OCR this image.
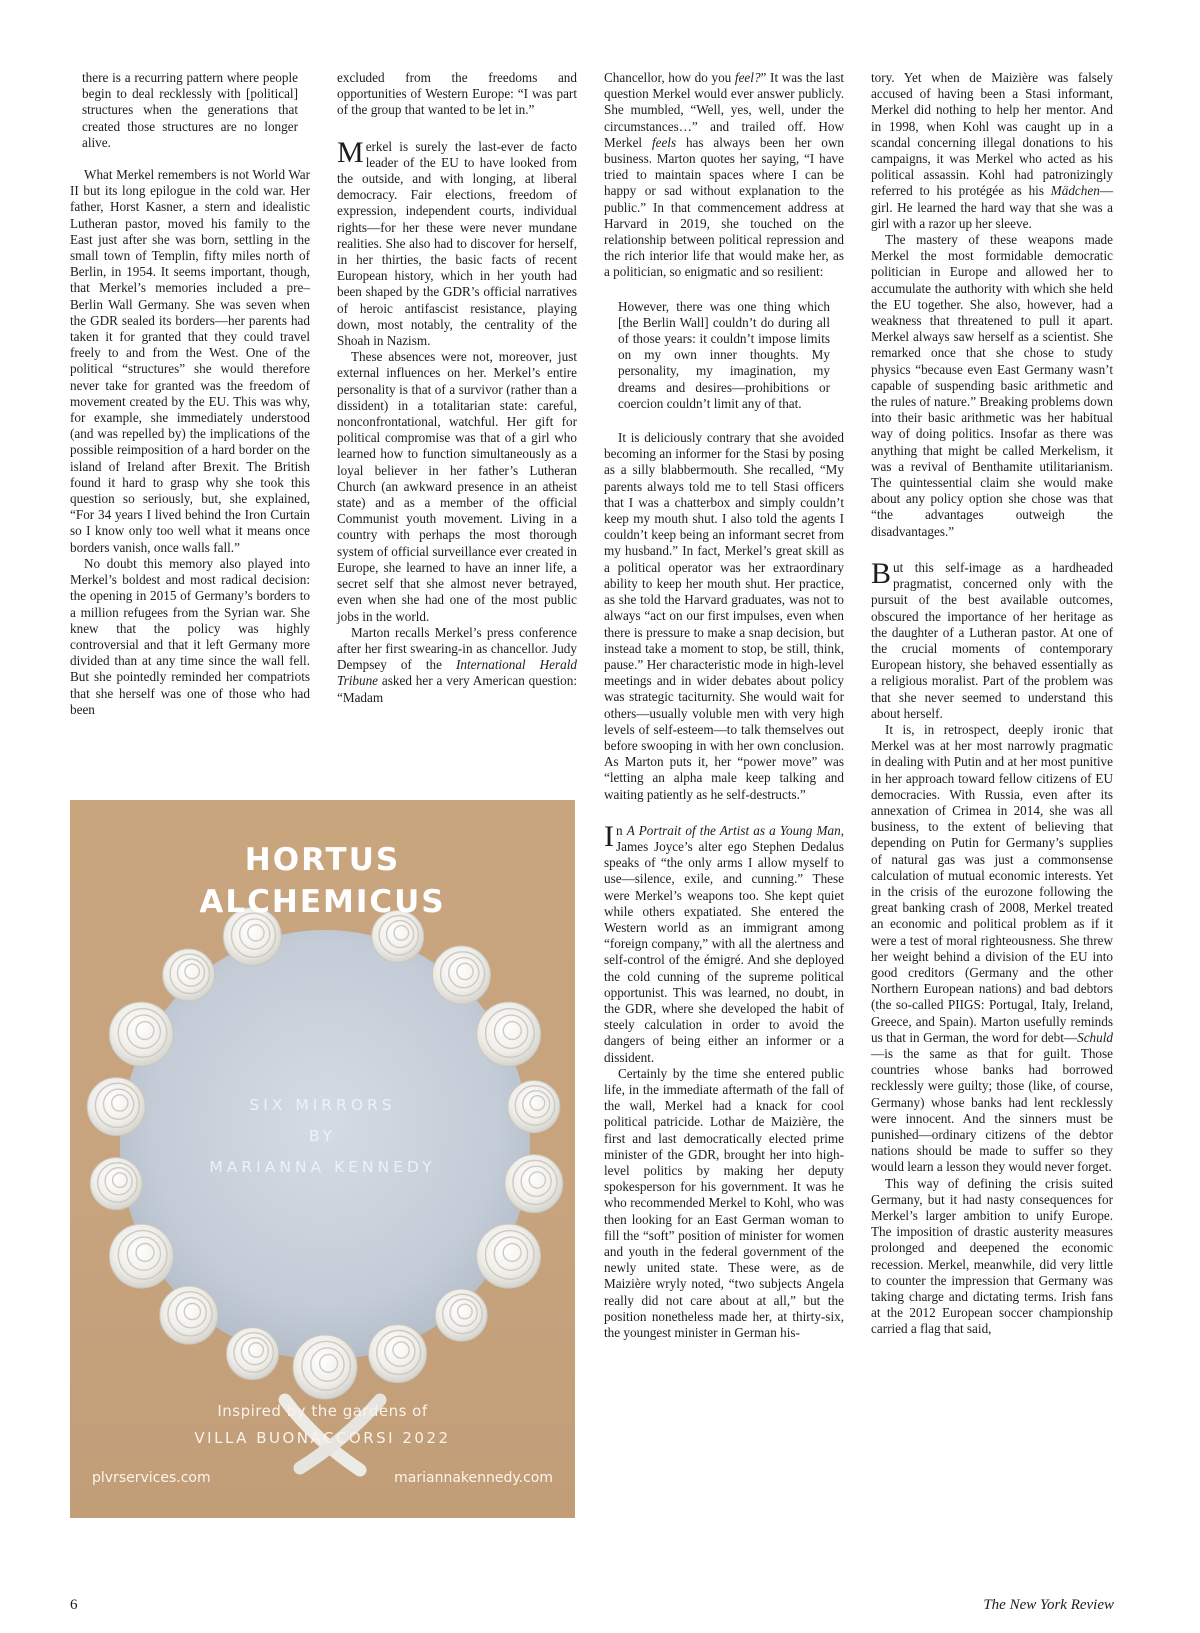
there is a recurring pattern where people begin to deal recklessly with [political] structures when the generations that created those structures are no longer alive.

What Merkel remembers is not World War II but its long epilogue in the cold war. Her father, Horst Kasner, a stern and idealistic Lutheran pastor, moved his family to the East just after she was born, settling in the small town of Templin, fifty miles north of Berlin, in 1954. It seems important, though, that Merkel’s memories included a pre–Berlin Wall Germany. She was seven when the GDR sealed its borders—her parents had taken it for granted that they could travel freely to and from the West. One of the political “structures” she would therefore never take for granted was the freedom of movement created by the EU. This was why, for example, she immediately understood (and was repelled by) the implications of the possible reimposition of a hard border on the island of Ireland after Brexit. The British found it hard to grasp why she took this question so seriously, but, she explained, “For 34 years I lived behind the Iron Curtain so I know only too well what it means once borders vanish, once walls fall.”

No doubt this memory also played into Merkel’s boldest and most radical decision: the opening in 2015 of Germany’s borders to a million refugees from the Syrian war. She knew that the policy was highly controversial and that it left Germany more divided than at any time since the wall fell. But she pointedly reminded her compatriots that she herself was one of those who had been

excluded from the freedoms and opportunities of Western Europe: “I was part of the group that wanted to be let in.”

Merkel is surely the last-ever de facto leader of the EU to have looked from the outside, and with longing, at liberal democracy. Fair elections, freedom of expression, independent courts, individual rights—for her these were never mundane realities. She also had to discover for herself, in her thirties, the basic facts of recent European history, which in her youth had been shaped by the GDR’s official narratives of heroic antifascist resistance, playing down, most notably, the centrality of the Shoah in Nazism.

These absences were not, moreover, just external influences on her. Merkel’s entire personality is that of a survivor (rather than a dissident) in a totalitarian state: careful, nonconfrontational, watchful. Her gift for political compromise was that of a girl who learned how to function simultaneously as a loyal believer in her father’s Lutheran Church (an awkward presence in an atheist state) and as a member of the official Communist youth movement. Living in a country with perhaps the most thorough system of official surveillance ever created in Europe, she learned to have an inner life, a secret self that she almost never betrayed, even when she had one of the most public jobs in the world.

Marton recalls Merkel’s press conference after her first swearing-in as chancellor. Judy Dempsey of the International Herald Tribune asked her a very American question: “Madam

Chancellor, how do you feel?” It was the last question Merkel would ever answer publicly. She mumbled, “Well, yes, well, under the circumstances…” and trailed off. How Merkel feels has always been her own business. Marton quotes her saying, “I have tried to maintain spaces where I can be happy or sad without explanation to the public.” In that commencement address at Harvard in 2019, she touched on the relationship between political repression and the rich interior life that would make her, as a politician, so enigmatic and so resilient:

However, there was one thing which [the Berlin Wall] couldn’t do during all of those years: it couldn’t impose limits on my own inner thoughts. My personality, my imagination, my dreams and desires—prohibitions or coercion couldn’t limit any of that.

It is deliciously contrary that she avoided becoming an informer for the Stasi by posing as a silly blabbermouth. She recalled, “My parents always told me to tell Stasi officers that I was a chatterbox and simply couldn’t keep my mouth shut. I also told the agents I couldn’t keep being an informant secret from my husband.” In fact, Merkel’s great skill as a political operator was her extraordinary ability to keep her mouth shut. Her practice, as she told the Harvard graduates, was not to always “act on our first impulses, even when there is pressure to make a snap decision, but instead take a moment to stop, be still, think, pause.” Her characteristic mode in high-level meetings and in wider debates about policy was strategic taciturnity. She would wait for others—usually voluble men with very high levels of self-esteem—to talk themselves out before swooping in with her own conclusion. As Marton puts it, her “power move” was “letting an alpha male keep talking and waiting patiently as he self-destructs.”

In A Portrait of the Artist as a Young Man, James Joyce’s alter ego Stephen Dedalus speaks of “the only arms I allow myself to use—silence, exile, and cunning.” These were Merkel’s weapons too. She kept quiet while others expatiated. She entered the Western world as an immigrant among “foreign company,” with all the alertness and self-control of the émigré. And she deployed the cold cunning of the supreme political opportunist. This was learned, no doubt, in the GDR, where she developed the habit of steely calculation in order to avoid the dangers of being either an informer or a dissident.

Certainly by the time she entered public life, in the immediate aftermath of the fall of the wall, Merkel had a knack for cool political patricide. Lothar de Maizière, the first and last democratically elected prime minister of the GDR, brought her into high-level politics by making her deputy spokesperson for his government. It was he who recommended Merkel to Kohl, who was then looking for an East German woman to fill the “soft” position of minister for women and youth in the federal government of the newly united state. These were, as de Maizière wryly noted, “two subjects Angela really did not care about at all,” but the position nonetheless made her, at thirty-six, the youngest minister in German his-

tory. Yet when de Maizière was falsely accused of having been a Stasi informant, Merkel did nothing to help her mentor. And in 1998, when Kohl was caught up in a scandal concerning illegal donations to his campaigns, it was Merkel who acted as his political assassin. Kohl had patronizingly referred to his protégée as his Mädchen—girl. He learned the hard way that she was a girl with a razor up her sleeve.

The mastery of these weapons made Merkel the most formidable democratic politician in Europe and allowed her to accumulate the authority with which she held the EU together. She also, however, had a weakness that threatened to pull it apart. Merkel always saw herself as a scientist. She remarked once that she chose to study physics “because even East Germany wasn’t capable of suspending basic arithmetic and the rules of nature.” Breaking problems down into their basic arithmetic was her habitual way of doing politics. Insofar as there was anything that might be called Merkelism, it was a revival of Benthamite utilitarianism. The quintessential claim she would make about any policy option she chose was that “the advantages outweigh the disadvantages.”

But this self-image as a hardheaded pragmatist, concerned only with the pursuit of the best available outcomes, obscured the importance of her heritage as the daughter of a Lutheran pastor. At one of the crucial moments of contemporary European history, she behaved essentially as a religious moralist. Part of the problem was that she never seemed to understand this about herself.

It is, in retrospect, deeply ironic that Merkel was at her most narrowly pragmatic in dealing with Putin and at her most punitive in her approach toward fellow citizens of EU democracies. With Russia, even after its annexation of Crimea in 2014, she was all business, to the extent of believing that depending on Putin for Germany’s supplies of natural gas was just a commonsense calculation of mutual economic interests. Yet in the crisis of the eurozone following the great banking crash of 2008, Merkel treated an economic and political problem as if it were a test of moral righteousness. She threw her weight behind a division of the EU into good creditors (Germany and the other Northern European nations) and bad debtors (the so-called PIIGS: Portugal, Italy, Ireland, Greece, and Spain). Marton usefully reminds us that in German, the word for debt—Schuld—is the same as that for guilt. Those countries whose banks had borrowed recklessly were guilty; those (like, of course, Germany) whose banks had lent recklessly were innocent. And the sinners must be punished—ordinary citizens of the debtor nations should be made to suffer so they would learn a lesson they would never forget.

This way of defining the crisis suited Germany, but it had nasty consequences for Merkel’s larger ambition to unify Europe. The imposition of drastic austerity measures prolonged and deepened the economic recession. Merkel, meanwhile, did very little to counter the impression that Germany was taking charge and dictating terms. Irish fans at the 2012 European soccer championship carried a flag that said,

HORTUS
ALCHEMICUS
SIX MIRRORS
BY
MARIANNA KENNEDY
Inspired by the gardens of
VILLA BUONACCORSI 2022
plvrservices.com	mariannakennedy.com
6	The New York Review
